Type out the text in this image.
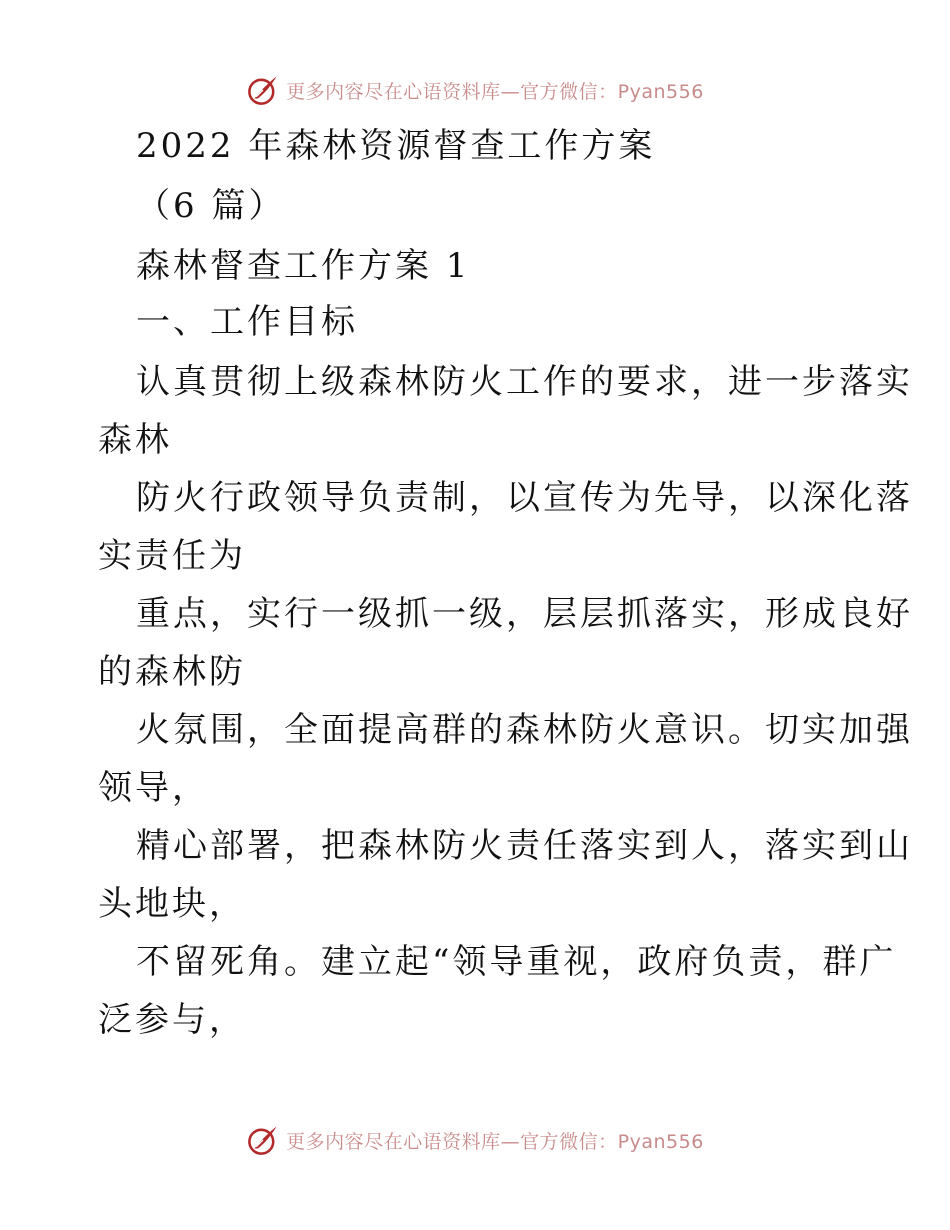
更多内容尽在心语资料库—官方微信：Pyan556
2022 年森林资源督查工作方案
（6 篇）
森林督查工作方案 1
一、工作目标
认真贯彻上级森林防火工作的要求，进一步落实
森林
防火行政领导负责制，以宣传为先导，以深化落
实责任为
重点，实行一级抓一级，层层抓落实，形成良好
的森林防
火氛围，全面提高群的森林防火意识。切实加强
领导，
精心部署，把森林防火责任落实到人，落实到山
头地块，
不留死角。建立起“领导重视，政府负责，群广
泛参与，
更多内容尽在心语资料库—官方微信：Pyan556
